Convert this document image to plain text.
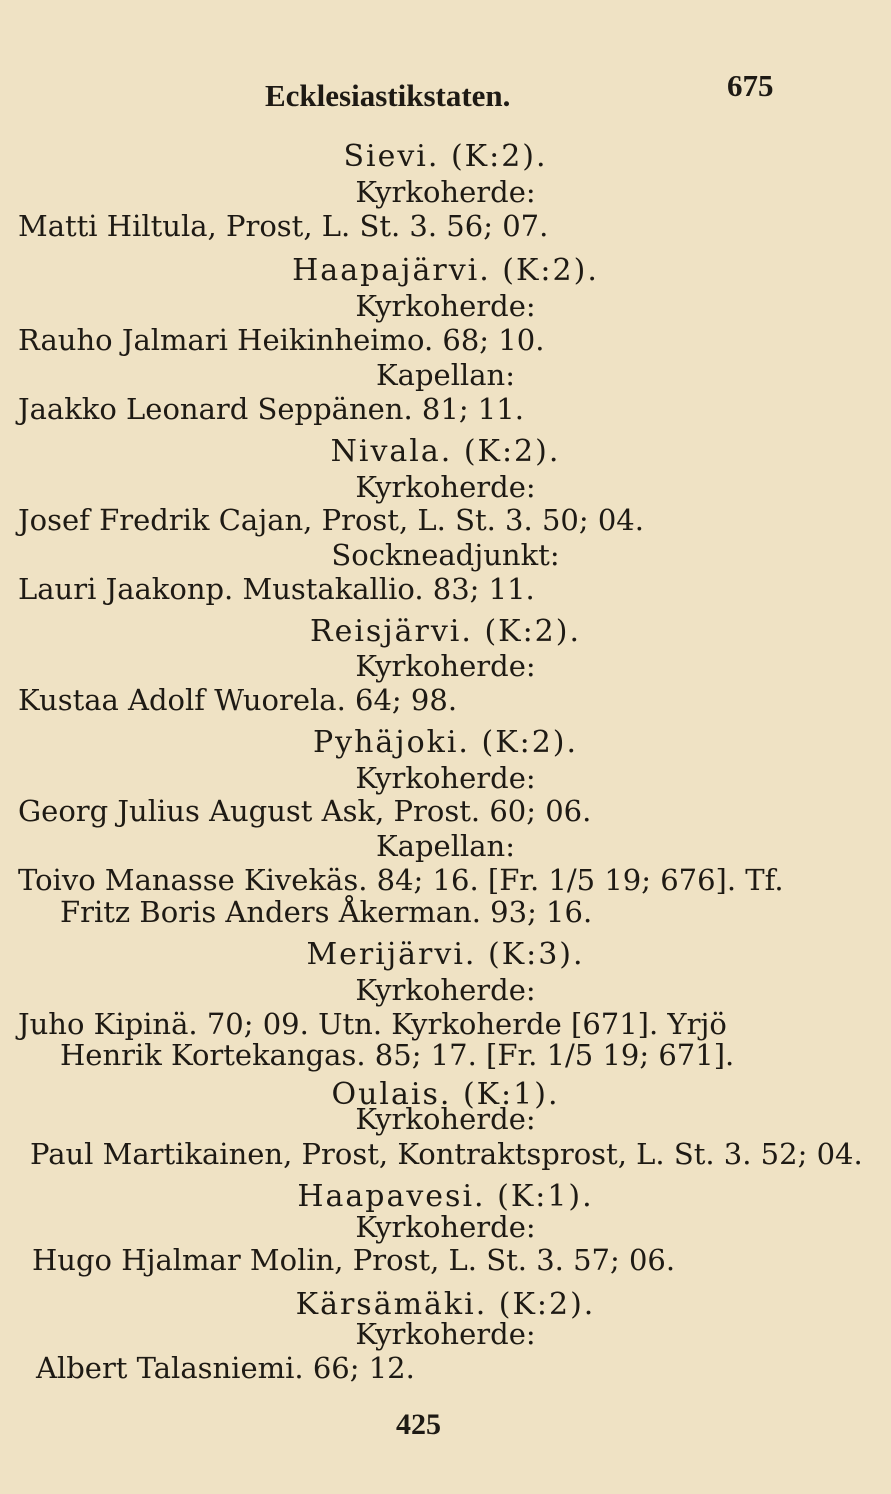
Ecklesiastikstaten.	675
Sievi. (K:2).
Kyrkoherde:
Matti Hiltula, Prost, L. St. 3. 56; 07.
Haapajärvi. (K:2).
Kyrkoherde:
Rauho Jalmari Heikinheimo. 68; 10.
Kapellan:
Jaakko Leonard Seppänen. 81; 11.
Nivala. (K:2).
Kyrkoherde:
Josef Fredrik Cajan, Prost, L. St. 3. 50; 04.
Sockneadjunkt:
Lauri Jaakonp. Mustakallio. 83; 11.
Reisjärvi. (K:2).
Kyrkoherde:
Kustaa Adolf Wuorela. 64; 98.
Pyhäjoki. (K:2).
Kyrkoherde:
Georg Julius August Ask, Prost. 60; 06.
Kapellan:
Toivo Manasse Kivekäs. 84; 16. [Fr. 1/5 19; 676]. Tf.
Fritz Boris Anders Åkerman. 93; 16.
Merijärvi. (K:3).
Kyrkoherde:
Juho Kipinä. 70; 09. Utn. Kyrkoherde [671]. Yrjö
Henrik Kortekangas. 85; 17. [Fr. 1/5 19; 671].
Oulais. (K:1).
Kyrkoherde:
Paul Martikainen, Prost, Kontraktsprost, L. St. 3. 52; 04.
Haapavesi. (K:1).
Kyrkoherde:
Hugo Hjalmar Molin, Prost, L. St. 3. 57; 06.
Kärsämäki. (K:2).
Kyrkoherde:
Albert Talasniemi. 66; 12.
425
